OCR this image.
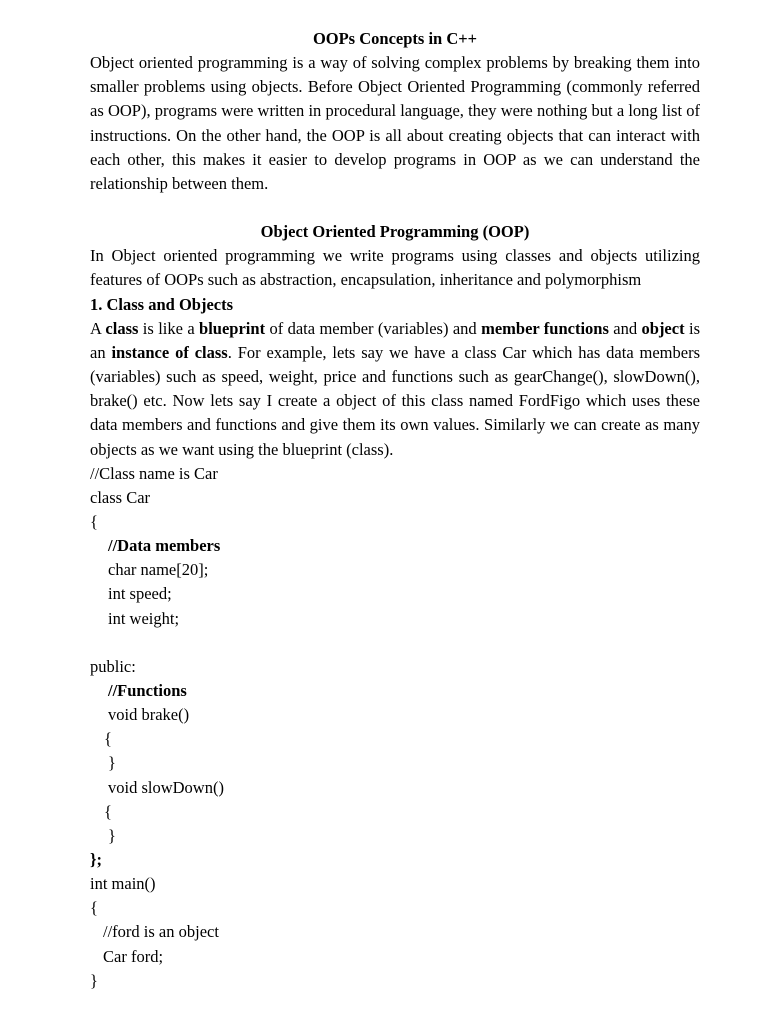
OOPs Concepts in C++
Object oriented programming is a way of solving complex problems by breaking them into smaller problems using objects. Before Object Oriented Programming (commonly referred as OOP), programs were written in procedural language, they were nothing but a long list of instructions. On the other hand, the OOP is all about creating objects that can interact with each other, this makes it easier to develop programs in OOP as we can understand the relationship between them.
Object Oriented Programming (OOP)
In Object oriented programming we write programs using classes and objects utilizing features of OOPs such as abstraction, encapsulation, inheritance and polymorphism
1. Class and Objects
A class is like a blueprint of data member (variables) and member functions and object is an instance of class. For example, lets say we have a class Car which has data members (variables) such as speed, weight, price and functions such as gearChange(), slowDown(), brake() etc. Now lets say I create a object of this class named FordFigo which uses these data members and functions and give them its own values. Similarly we can create as many objects as we want using the blueprint (class).
//Class name is Car
class Car
{
//Data members
char name[20];
int speed;
int weight;
public:
//Functions
void brake()
{
}
void slowDown()
{
}
};
int main()
{
//ford is an object
Car ford;
}
